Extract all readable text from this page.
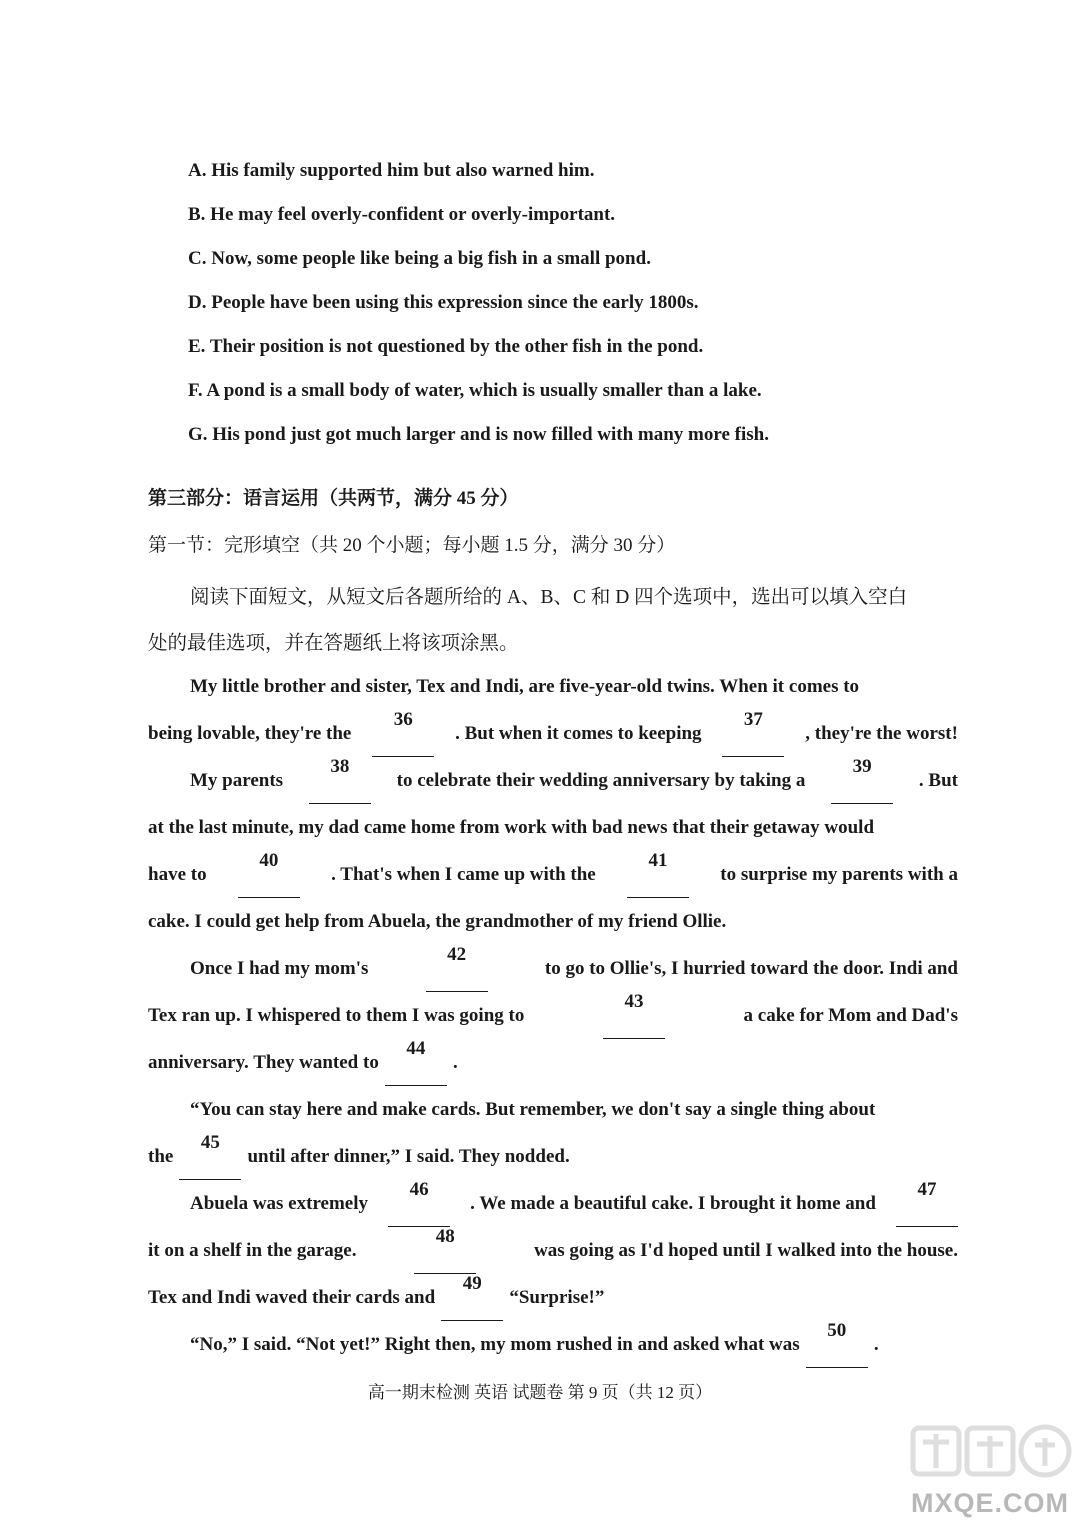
A. His family supported him but also warned him.
B. He may feel overly-confident or overly-important.
C. Now, some people like being a big fish in a small pond.
D. People have been using this expression since the early 1800s.
E. Their position is not questioned by the other fish in the pond.
F. A pond is a small body of water, which is usually smaller than a lake.
G. His pond just got much larger and is now filled with many more fish.
第三部分：语言运用（共两节，满分 45 分）
第一节：完形填空（共 20 个小题；每小题 1.5 分，满分 30 分）
阅读下面短文，从短文后各题所给的 A、B、C 和 D 四个选项中，选出可以填入空白
处的最佳选项，并在答题纸上将该项涂黑。
My little brother and sister, Tex and Indi, are five-year-old twins. When it comes to
being lovable, they're the
36
. But when it comes to keeping
37
, they're the worst!
My parents
38
to celebrate their wedding anniversary by taking a
39
. But
at the last minute, my dad came home from work with bad news that their getaway would
have to
40
. That's when I came up with the
41
to surprise my parents with a
cake. I could get help from Abuela, the grandmother of my friend Ollie.
Once I had my mom's
42
to go to Ollie's, I hurried toward the door. Indi and
Tex ran up. I whispered to them I was going to
43
a cake for Mom and Dad's
anniversary. They wanted to
44
.
“You can stay here and make cards. But remember, we don't say a single thing about
the
45
until after dinner,” I said. They nodded.
Abuela was extremely
46
. We made a beautiful cake. I brought it home and
47
it on a shelf in the garage.
48
was going as I'd hoped until I walked into the house.
Tex and Indi waved their cards and
49
“Surprise!”
“No,” I said. “Not yet!” Right then, my mom rushed in and asked what was
50
.
高一期末检测 英语 试题卷 第 9 页（共 12 页）
MXQE.COM
